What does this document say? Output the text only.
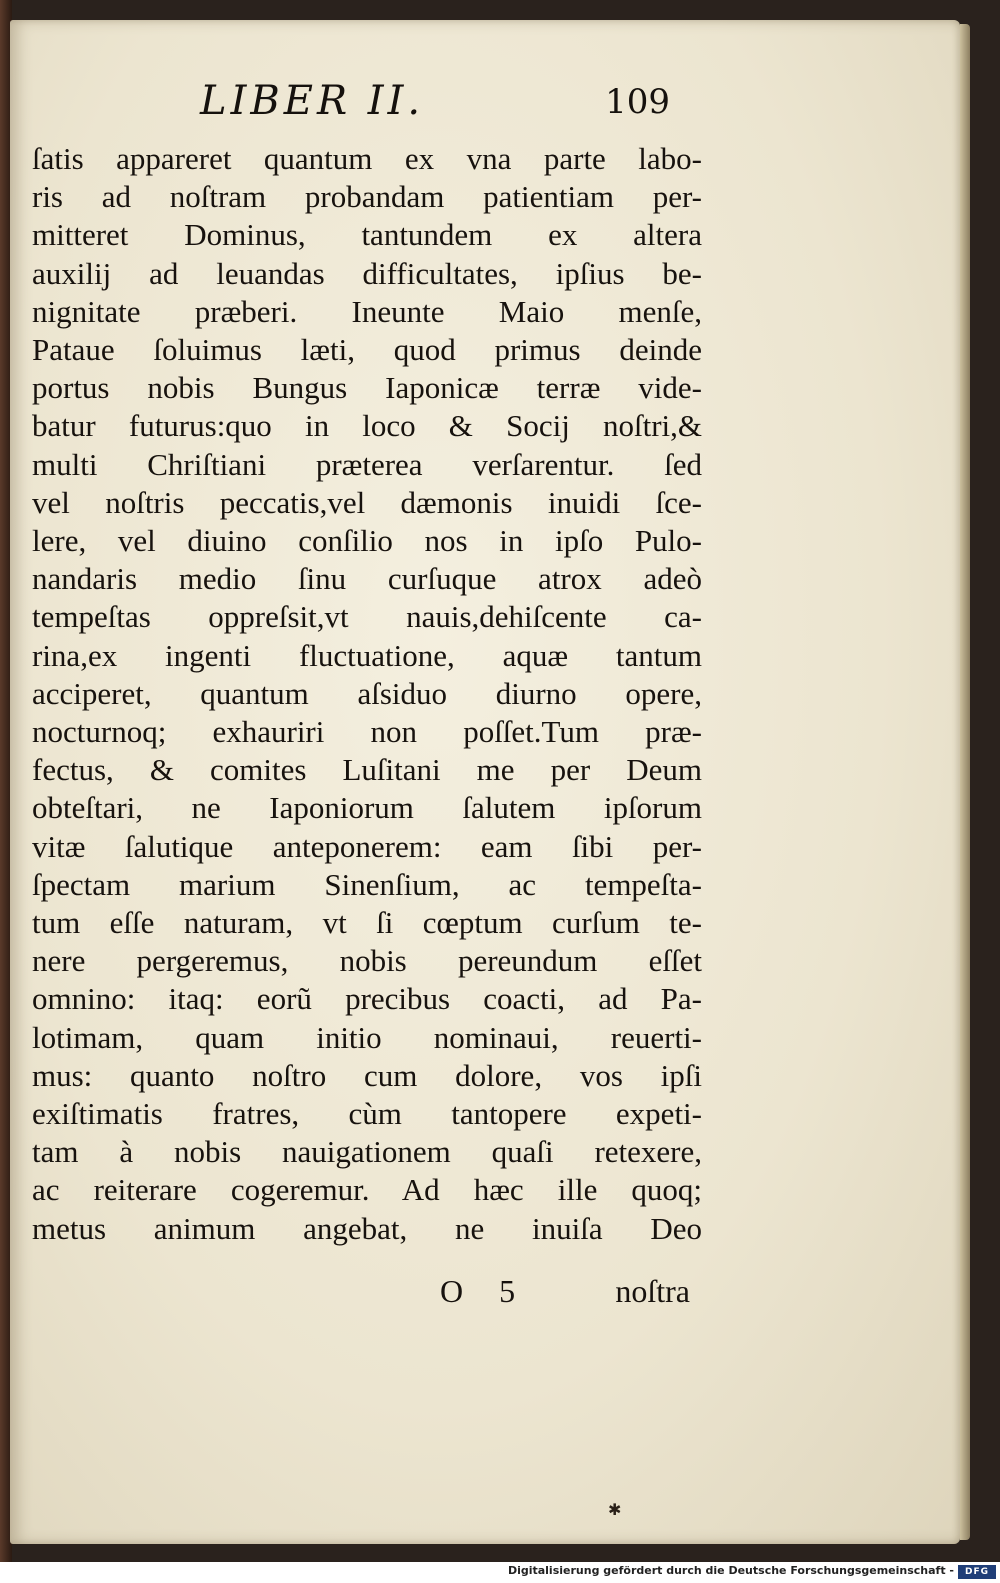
LIBER II.	109
ſatis appareret quantum ex vna parte labo-
ris ad noſtram probandam patientiam per-
mitteret Dominus, tantundem ex altera
auxilij ad leuandas difficultates, ipſius be-
nignitate præberi. Ineunte Maio menſe,
Pataue ſoluimus læti, quod primus deinde
portus nobis Bungus Iaponicæ terræ vide-
batur futurus:quo in loco & Socij noſtri,&
multi Chriſtiani præterea verſarentur. ſed
vel noſtris peccatis,vel dæmonis inuidi ſce-
lere, vel diuino conſilio nos in ipſo Pulo-
nandaris medio ſinu curſuque atrox adeò
tempeſtas oppreſsit,vt nauis,dehiſcente ca-
rina,ex ingenti fluctuatione, aquæ tantum
acciperet, quantum aſsiduo diurno opere,
nocturnoq; exhauriri non poſſet.Tum præ-
fectus, & comites Luſitani me per Deum
obteſtari, ne Iaponiorum ſalutem ipſorum
vitæ ſalutique anteponerem: eam ſibi per-
ſpectam marium Sinenſium, ac tempeſta-
tum eſſe naturam, vt ſi cœptum curſum te-
nere pergeremus, nobis pereundum eſſet
omnino: itaq: eorũ precibus coacti, ad Pa-
lotimam, quam initio nominaui, reuerti-
mus: quanto noſtro cum dolore, vos ipſi
exiſtimatis fratres, cùm tantopere expeti-
tam à nobis nauigationem quaſi retexere,
ac reiterare cogeremur. Ad hæc ille quoq;
metus animum angebat, ne inuiſa Deo
O 5	noſtra
✱
Digitalisierung gefördert durch die Deutsche Forschungsgemeinschaft -	DFG
